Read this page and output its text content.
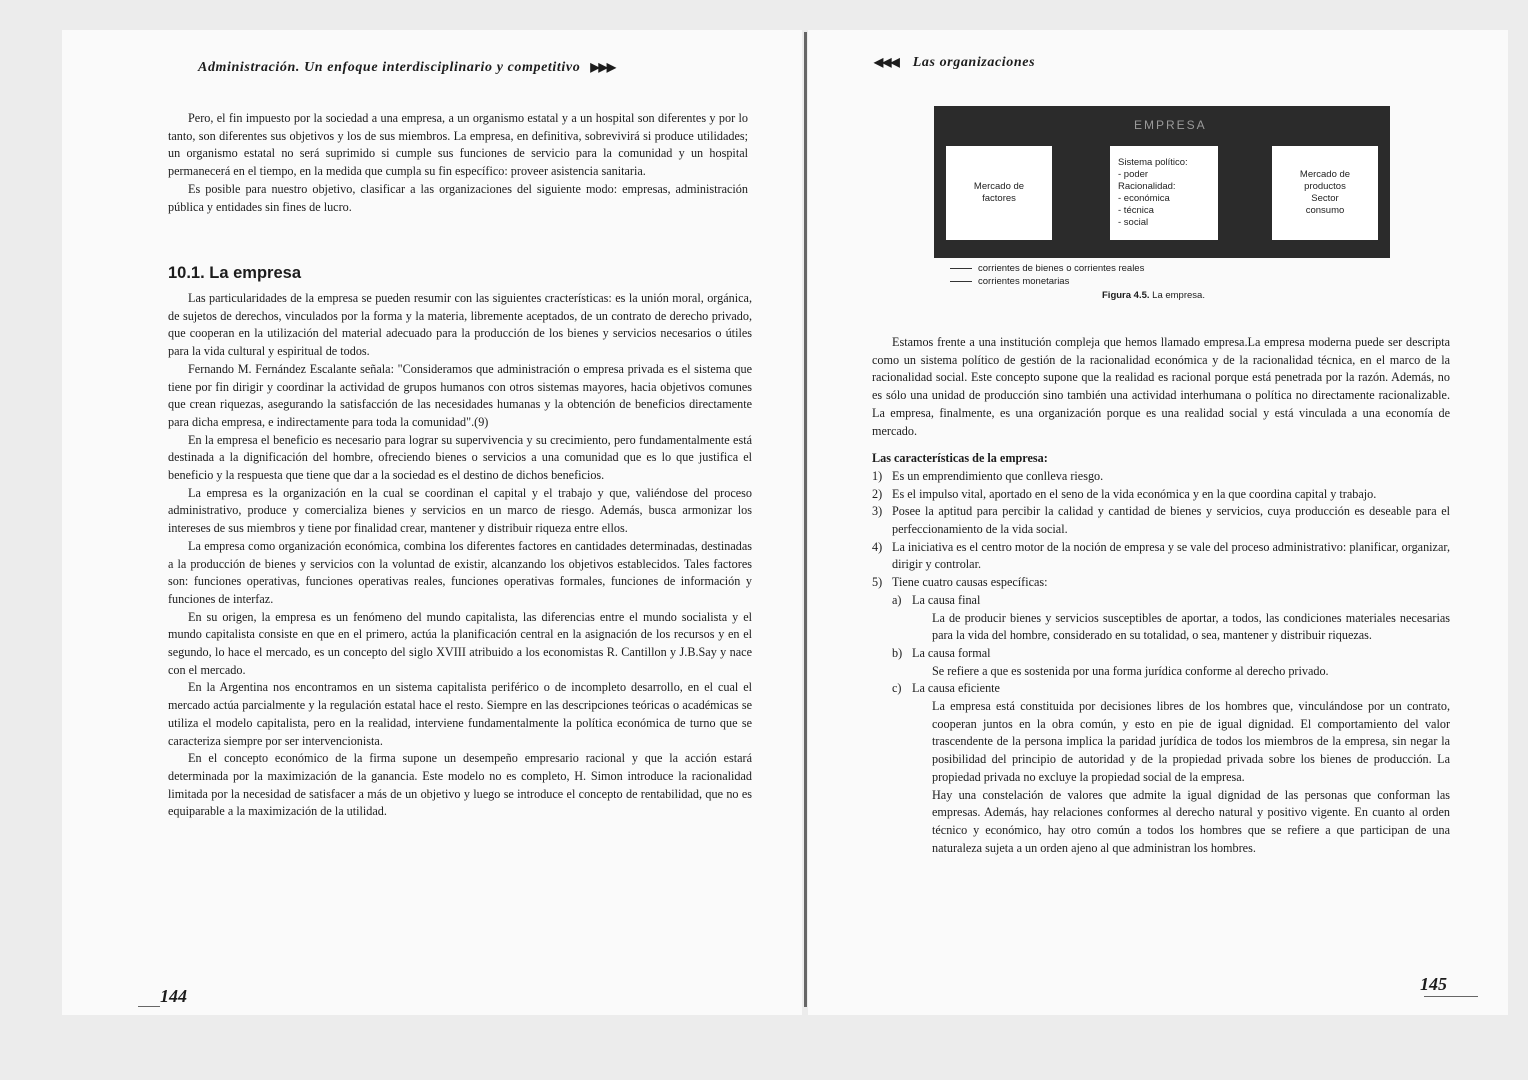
Administración. Un enfoque interdisciplinario y competitivo ▶▶▶

Pero, el fin impuesto por la sociedad a una empresa, a un organismo estatal y a un hospital son diferentes y por lo tanto, son diferentes sus objetivos y los de sus miembros. La empresa, en definitiva, sobrevivirá si produce utilidades; un organismo estatal no será suprimido si cumple sus funciones de servicio para la comunidad y un hospital permanecerá en el tiempo, en la medida que cumpla su fin específico: proveer asistencia sanitaria.

Es posible para nuestro objetivo, clasificar a las organizaciones del siguiente modo: empresas, administración pública y entidades sin fines de lucro.

10.1. La empresa

Las particularidades de la empresa se pueden resumir con las siguientes cracterísticas: es la unión moral, orgánica, de sujetos de derechos, vinculados por la forma y la materia, libremente aceptados, de un contrato de derecho privado, que cooperan en la utilización del material adecuado para la producción de los bienes y servicios necesarios o útiles para la vida cultural y espiritual de todos.

Fernando M. Fernández Escalante señala: "Consideramos que administración o empresa privada es el sistema que tiene por fin dirigir y coordinar la actividad de grupos humanos con otros sistemas mayores, hacia objetivos comunes que crean riquezas, asegurando la satisfacción de las necesidades humanas y la obtención de beneficios directamente para dicha empresa, e indirectamente para toda la comunidad".(9)

En la empresa el beneficio es necesario para lograr su supervivencia y su crecimiento, pero fundamentalmente está destinada a la dignificación del hombre, ofreciendo bienes o servicios a una comunidad que es lo que justifica el beneficio y la respuesta que tiene que dar a la sociedad es el destino de dichos beneficios.

La empresa es la organización en la cual se coordinan el capital y el trabajo y que, valiéndose del proceso administrativo, produce y comercializa bienes y servicios en un marco de riesgo. Además, busca armonizar los intereses de sus miembros y tiene por finalidad crear, mantener y distribuir riqueza entre ellos.

La empresa como organización económica, combina los diferentes factores en cantidades determinadas, destinadas a la producción de bienes y servicios con la voluntad de existir, alcanzando los objetivos establecidos. Tales factores son: funciones operativas, funciones operativas reales, funciones operativas formales, funciones de información y funciones de interfaz.

En su origen, la empresa es un fenómeno del mundo capitalista, las diferencias entre el mundo socialista y el mundo capitalista consiste en que en el primero, actúa la planificación central en la asignación de los recursos y en el segundo, lo hace el mercado, es un concepto del siglo XVIII atribuido a los economistas R. Cantillon y J.B.Say y nace con el mercado.

En la Argentina nos encontramos en un sistema capitalista periférico o de incompleto desarrollo, en el cual el mercado actúa parcialmente y la regulación estatal hace el resto. Siempre en las descripciones teóricas o académicas se utiliza el modelo capitalista, pero en la realidad, interviene fundamentalmente la política económica de turno que se caracteriza siempre por ser intervencionista.

En el concepto económico de la firma supone un desempeño empresario racional y que la acción estará determinada por la maximización de la ganancia. Este modelo no es completo, H. Simon introduce la racionalidad limitada por la necesidad de satisfacer a más de un objetivo y luego se introduce el concepto de rentabilidad, que no es equiparable a la maximización de la utilidad.

144
◀◀◀ Las organizaciones
EMPRESA
Mercado de
factores
Sistema político:
- poder
Racionalidad:
- económica
- técnica
- social
Mercado de
productos
Sector
consumo
corrientes de bienes o corrientes reales
corrientes monetarias
Figura 4.5. La empresa.

Estamos frente a una institución compleja que hemos llamado empresa.La empresa moderna puede ser descripta como un sistema político de gestión de la racionalidad económica y de la racionalidad técnica, en el marco de la racionalidad social. Este concepto supone que la realidad es racional porque está penetrada por la razón. Además, no es sólo una unidad de producción sino también una actividad interhumana o política no directamente racionalizable. La empresa, finalmente, es una organización porque es una realidad social y está vinculada a una economía de mercado.

Las características de la empresa:
1) Es un emprendimiento que conlleva riesgo.
2) Es el impulso vital, aportado en el seno de la vida económica y en la que coordina capital y trabajo.
3) Posee la aptitud para percibir la calidad y cantidad de bienes y servicios, cuya producción es deseable para el perfeccionamiento de la vida social.
4) La iniciativa es el centro motor de la noción de empresa y se vale del proceso administrativo: planificar, organizar, dirigir y controlar.
5) Tiene cuatro causas específicas:
a) La causa final

La de producir bienes y servicios susceptibles de aportar, a todos, las condiciones materiales necesarias para la vida del hombre, considerado en su totalidad, o sea, mantener y distribuir riquezas.

b) La causa formal

Se refiere a que es sostenida por una forma jurídica conforme al derecho privado.

c) La causa eficiente

La empresa está constituida por decisiones libres de los hombres que, vinculándose por un contrato, cooperan juntos en la obra común, y esto en pie de igual dignidad. El comportamiento del valor trascendente de la persona implica la paridad jurídica de todos los miembros de la empresa, sin negar la posibilidad del principio de autoridad y de la propiedad privada sobre los bienes de producción. La propiedad privada no excluye la propiedad social de la empresa.

Hay una constelación de valores que admite la igual dignidad de las personas que conforman las empresas. Además, hay relaciones conformes al derecho natural y positivo vigente. En cuanto al orden técnico y económico, hay otro común a todos los hombres que se refiere a que participan de una naturaleza sujeta a un orden ajeno al que administran los hombres.

145
